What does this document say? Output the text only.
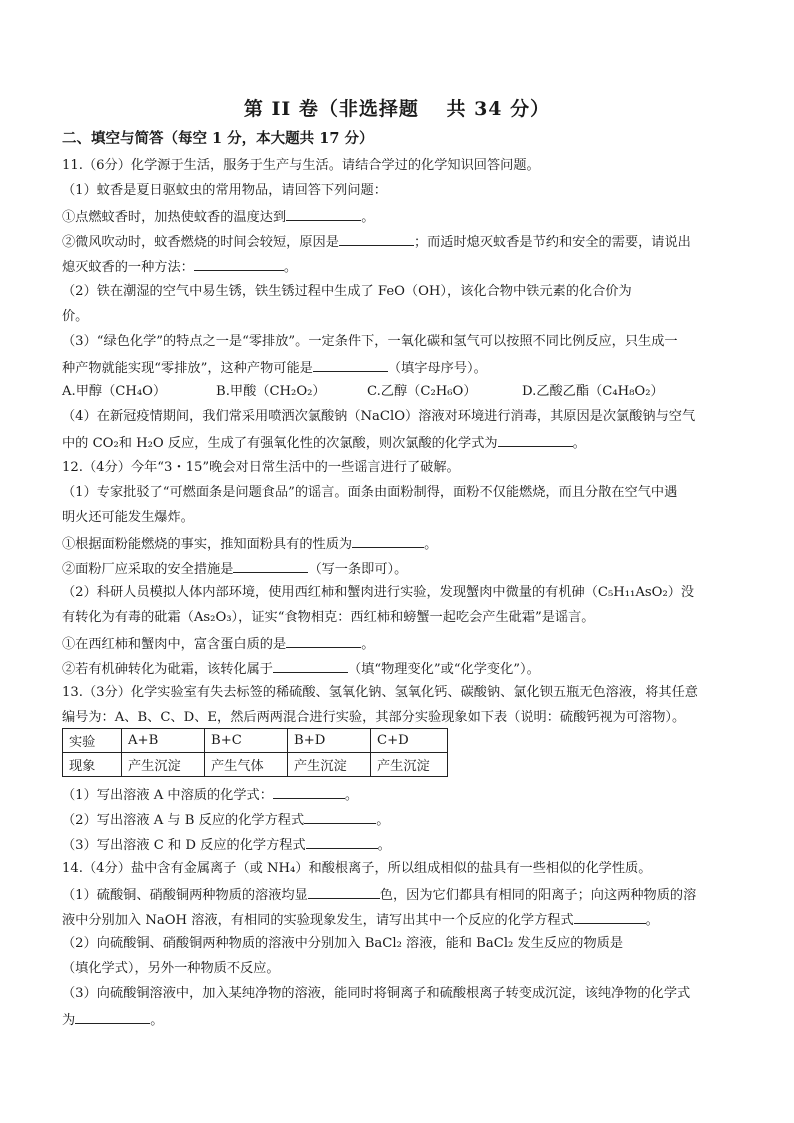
第 II 卷（非选择题　 共 34 分）
二、填空与简答（每空 1 分，本大题共 17 分）
11.（6分）化学源于生活，服务于生产与生活。请结合学过的化学知识回答问题。
（1）蚊香是夏日驱蚊虫的常用物品，请回答下列问题：
①点燃蚊香时，加热使蚊香的温度达到	。
②微风吹动时，蚊香燃烧的时间会较短，原因是	；而适时熄灭蚊香是节约和安全的需要，请说出
熄灭蚊香的一种方法：	。
（2）铁在潮湿的空气中易生锈，铁生锈过程中生成了 FeO（OH），该化合物中铁元素的化合价为
价。
（3）“绿色化学”的特点之一是“零排放”。一定条件下，一氧化碳和氢气可以按照不同比例反应，只生成一
种产物就能实现“零排放”，这种产物可能是	（填字母序号）。
A.甲醇（CH₄O）	B.甲酸（CH₂O₂）	C.乙醇（C₂H₆O）	D.乙酸乙酯（C₄H₈O₂）
（4）在新冠疫情期间，我们常采用喷洒次氯酸钠（NaClO）溶液对环境进行消毒，其原因是次氯酸钠与空气
中的 CO₂和 H₂O 反应，生成了有强氧化性的次氯酸，则次氯酸的化学式为	。
12.（4分）今年“3・15”晚会对日常生活中的一些谣言进行了破解。
（1）专家批驳了“可燃面条是问题食品”的谣言。面条由面粉制得，面粉不仅能燃烧，而且分散在空气中遇
明火还可能发生爆炸。
①根据面粉能燃烧的事实，推知面粉具有的性质为	。
②面粉厂应采取的安全措施是	（写一条即可）。
（2）科研人员模拟人体内部环境，使用西红柿和蟹肉进行实验，发现蟹肉中微量的有机砷（C₅H₁₁AsO₂）没
有转化为有毒的砒霜（As₂O₃），证实“食物相克：西红柿和螃蟹一起吃会产生砒霜”是谣言。
①在西红柿和蟹肉中，富含蛋白质的是	。
②若有机砷转化为砒霜，该转化属于	（填“物理变化”或“化学变化”）。
13.（3分）化学实验室有失去标签的稀硫酸、氢氧化钠、氢氧化钙、碳酸钠、氯化钡五瓶无色溶液，将其任意
编号为：A、B、C、D、E，然后两两混合进行实验，其部分实验现象如下表（说明：硫酸钙视为可溶物）。
实验	A+B	B+C	B+D	C+D
现象	产生沉淀	产生气体	产生沉淀	产生沉淀
（1）写出溶液 A 中溶质的化学式：	。
（2）写出溶液 A 与 B 反应的化学方程式	。
（3）写出溶液 C 和 D 反应的化学方程式	。
14.（4分）盐中含有金属离子（或 NH₄）和酸根离子，所以组成相似的盐具有一些相似的化学性质。
（1）硫酸铜、硝酸铜两种物质的溶液均显	色，因为它们都具有相同的阳离子；向这两种物质的溶
液中分别加入 NaOH 溶液，有相同的实验现象发生，请写出其中一个反应的化学方程式	。
（2）向硫酸铜、硝酸铜两种物质的溶液中分别加入 BaCl₂ 溶液，能和 BaCl₂ 发生反应的物质是
（填化学式），另外一种物质不反应。
（3）向硫酸铜溶液中，加入某纯净物的溶液，能同时将铜离子和硫酸根离子转变成沉淀，该纯净物的化学式
为	。
